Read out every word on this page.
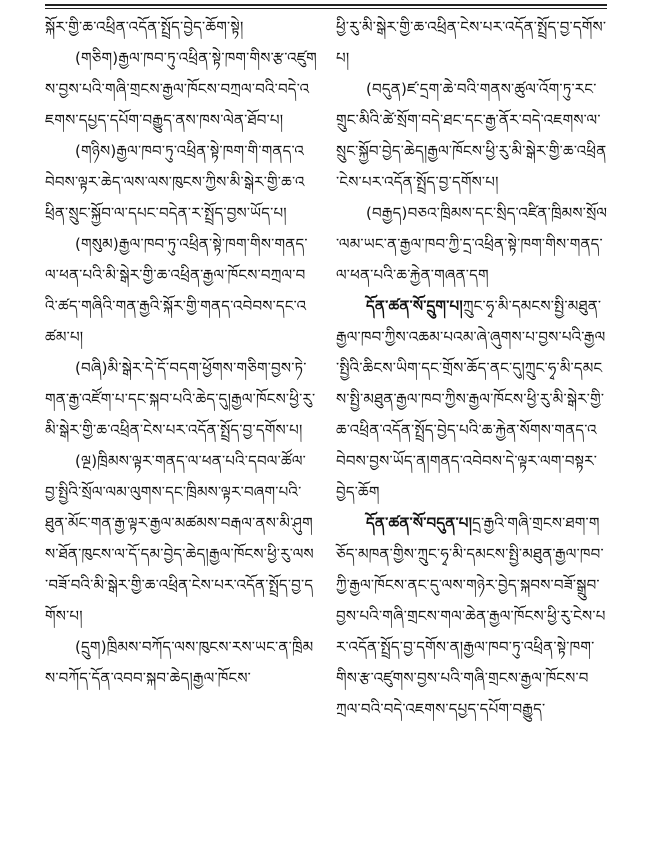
སྐོར་གྱི་ཆ་འཕྲིན་འདོན་སྤྲོད་བྱེད་ཆོག་སྟེ།

(གཅིག)རྒྱལ་ཁབ་ཏུ་འཕྲིན་སྟེ་ཁག་གིས་རྩ་འཛུགས་བྱས་པའི་གཞི་གྲངས་རྒྱལ་ཁོངས་བཀྲལ་བའི་བདེ་འཇགས་དཔྱད་དཔོག་བརྒྱུད་ནས་ཁས་ལེན་ཐོབ་པ།

(གཉིས)རྒྱལ་ཁབ་ཏུ་འཕྲིན་སྟེ་ཁག་གི་གནད་འབེབས་ལྟར་ཆེད་ལས་ལས་ཁུངས་ཀྱིས་མི་སྒེར་གྱི་ཆ་འཕྲིན་སྲུང་སྐྱོབ་ལ་དཔང་བདེན་ར་སྤྲོད་བྱས་ཡོད་པ།

(གསུམ)རྒྱལ་ཁབ་ཏུ་འཕྲིན་སྟེ་ཁག་གིས་གནད་ལ་ཕན་པའི་མི་སྒེར་གྱི་ཆ་འཕྲིན་རྒྱལ་ཁོངས་བཀྲལ་བའི་ཚད་གཞིའི་གན་རྒྱའི་སྐོར་གྱི་གནད་འབེབས་དང་འཚམ་པ།

(བཞི)མི་སྒེར་དེ་དོ་བདག་ཕྱོགས་གཅིག་བྱས་ཏེ་གན་རྒྱ་འཛོག་པ་དང་སྐབ་པའི་ཆེད་དུ།རྒྱལ་ཁོངས་ཕྱི་རུ་མི་སྒེར་གྱི་ཆ་འཕྲིན་ངེས་པར་འདོན་སྤྲོད་བྱ་དགོས་པ།

(ལྔ)ཁྲིམས་ལྟར་གནད་ལ་ཕན་པའི་དབལ་ཚོལ་བྱ་སྤྱིའི་སྲོལ་ལམ་ལུགས་དང་ཁྲིམས་ལྟར་བཞག་པའི་ཐུན་མོང་གན་རྒྱ་ལྟར་རྒྱལ་མཚམས་བརྒལ་ནས་མི་ཤུགས་ཐོན་ཁུངས་ལ་དོ་དམ་བྱེད་ཆེད།རྒྱལ་ཁོངས་ཕྱི་རུ་ལས་བཟོ་བའི་མི་སྒེར་གྱི་ཆ་འཕྲིན་ངེས་པར་འདོན་སྤྲོད་བྱ་དགོས་པ།

(དྲུག)ཁྲིམས་བཀོད་ལས་ཁུངས་རས་ཡང་ན་ཁྲིམས་བཀོད་དོན་འབབ་སྐབ་ཆེད།རྒྱལ་ཁོངས་

ཕྱི་རུ་མི་སྒེར་གྱི་ཆ་འཕྲིན་ངེས་པར་འདོན་སྤྲོད་བྱ་དགོས་པ།

(བདུན)ཛ་དྲག་ཆེ་བའི་གནས་ཚུལ་འོག་ཏུ་རང་གྲུང་མིའི་ཚེ་སྲོག་བདེ་ཐང་དང་རྒྱ་ནོར་བདེ་འཇགས་ལ་སྲུང་སྐྱོབ་བྱེད་ཆེད།རྒྱལ་ཁོངས་ཕྱི་རུ་མི་སྒེར་གྱི་ཆ་འཕྲིན་ངེས་པར་འདོན་སྤྲོད་བྱ་དགོས་པ།

(བརྒྱད)བཅའ་ཁྲིམས་དང་སྲིད་འཛིན་ཁྲིམས་སྲོལ་ལམ་ཡང་ན་རྒྱལ་ཁབ་ཀྱི་དྲ་འཕྲིན་སྟེ་ཁག་གིས་གནད་ལ་ཕན་པའི་ཆ་རྐྱེན་གཞན་དག

དོན་ཚན་སོ་དྲུག་པ།ཀྲུང་ཧྭ་མི་དམངས་སྤྱི་མཐུན་རྒྱལ་ཁབ་ཀྱིས་འཆམ་པའམ་ཞེ་ཞུགས་པ་བྱས་པའི་རྒྱལ་སྤྱིའི་ཆིངས་ཡིག་དང་གྲོས་ཆོད་ནང་དུ།ཀྲུང་ཧྭ་མི་དམངས་སྤྱི་མཐུན་རྒྱལ་ཁབ་ཀྱིས་རྒྱལ་ཁོངས་ཕྱི་རུ་མི་སྒེར་གྱི་ཆ་འཕྲིན་འདོན་སྤྲོད་བྱེད་པའི་ཆ་རྐྱེན་སོགས་གནད་འབེབས་བྱས་ཡོད་ན།གནད་འབེབས་དེ་ལྟར་ལག་བསྟར་བྱེད་ཆོག

དོན་ཚན་སོ་བདུན་པ།དྲ་རྒྱའི་གཞི་གྲངས་ཐག་གཅོད་མཁན་གྱིས་ཀྲུང་ཧྭ་མི་དམངས་སྤྱི་མཐུན་རྒྱལ་ཁབ་ཀྱི་རྒྱལ་ཁོངས་ནང་དུ་ལས་གཉེར་བྱེད་སྐབས་བཟོ་སྒྲུབ་བྱས་པའི་གཞི་གྲངས་གལ་ཆེན་རྒྱལ་ཁོངས་ཕྱི་རུ་ངེས་པར་འདོན་སྤྲོད་བྱ་དགོས་ན།རྒྱལ་ཁབ་ཏུ་འཕྲིན་སྟེ་ཁག་གིས་རྩ་འཛུགས་བྱས་པའི་གཞི་གྲངས་རྒྱལ་ཁོངས་བཀྲལ་བའི་བདེ་འཇགས་དཔྱད་དཔོག་བརྒྱུད་
